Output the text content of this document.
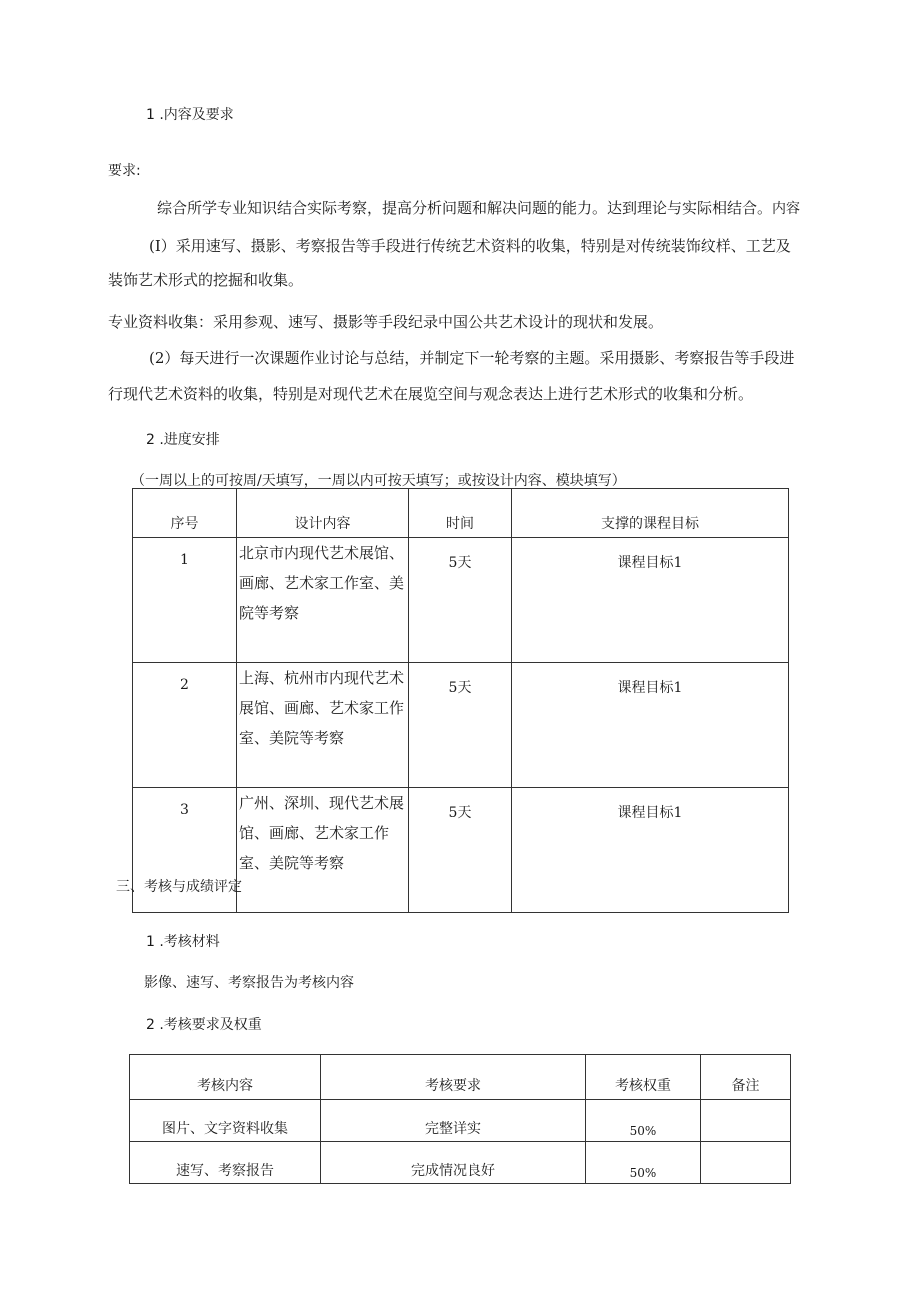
1 .内容及要求
要求:
综合所学专业知识结合实际考察，提高分析问题和解决问题的能力。达到理论与实际相结合。内容
(I）采用速写、摄影、考察报告等手段进行传统艺术资料的收集，特别是对传统装饰纹样、工艺及
装饰艺术形式的挖掘和收集。
专业资料收集：采用参观、速写、摄影等手段纪录中国公共艺术设计的现状和发展。
(2）每天进行一次课题作业讨论与总结，并制定下一轮考察的主题。采用摄影、考察报告等手段进
行现代艺术资料的收集，特别是对现代艺术在展览空间与观念表达上进行艺术形式的收集和分析。
2 .进度安排
（一周以上的可按周/天填写，一周以内可按天填写；或按设计内容、模块填写）
序号	设计内容	时间	支撑的课程目标
1	北京市内现代艺术展馆、画廊、艺术家工作室、美院等考察	5天	课程目标1
2	上海、杭州市内现代艺术展馆、画廊、艺术家工作室、美院等考察	5天	课程目标1
3	广州、深圳、现代艺术展馆、画廊、艺术家工作室、美院等考察	5天	课程目标1
三、考核与成绩评定
1 .考核材料
影像、速写、考察报告为考核内容
2 .考核要求及权重
考核内容	考核要求	考核权重	备注
图片、文字资料收集	完整详实	50%	
速写、考察报告	完成情况良好	50%	
